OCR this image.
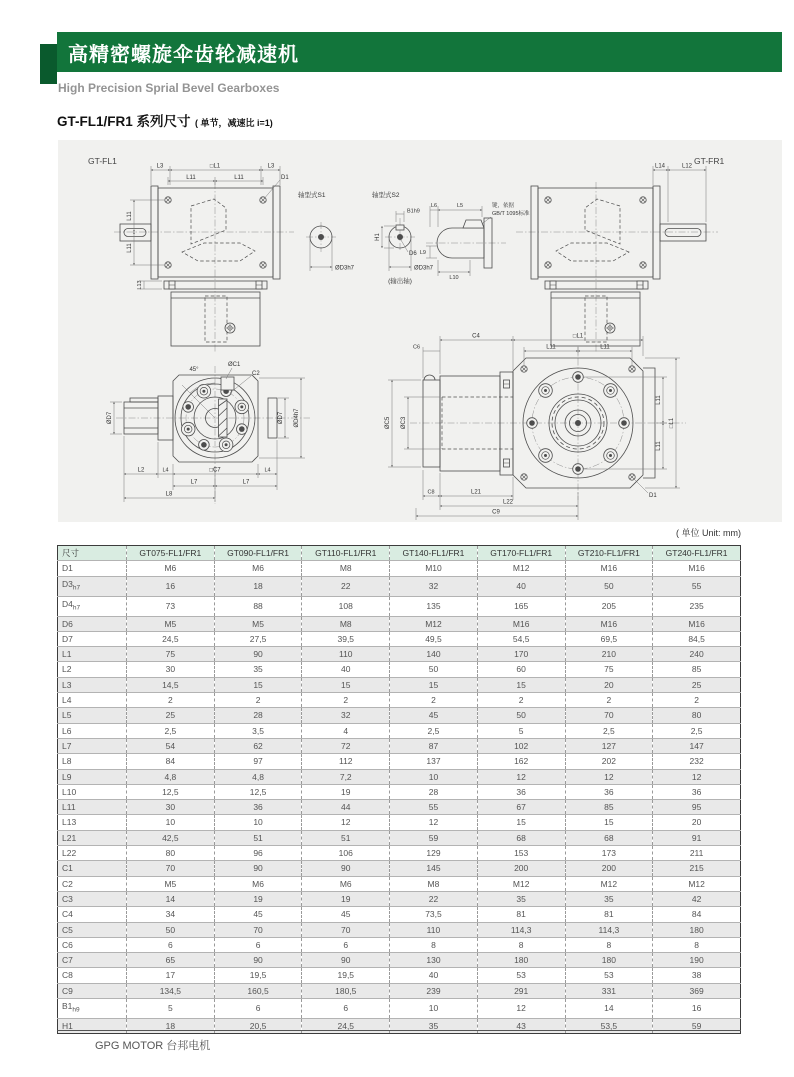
高精密螺旋伞齿轮减速机
High Precision Sprial Bevel Gearboxes
GT-FL1/FR1 系列尺寸 ( 单节，减速比 i=1)
GT-FL1
L3	□L1	L3
L11	L11	D1
L11
L11
L13
GT-FR1
L14	L12
轴型式S1
ØD3h7
轴型式S2
B1h9
H1
D6
ØD3h7
(输出轴)
L6	L5	键，依据
GB/T 1095标准
L9
L10
45°
ØC1
C2
ØD7	ØD7 ØD4h7
L2	L4	□C7	L4
L7	L7
L8
C4	□L1
C6	L11	L11
ØC5 ØC3
L11
L11
□L1
D1
C8	L21
L22
C9
( 单位 Unit: mm)
尺寸	GT075-FL1/FR1	GT090-FL1/FR1	GT110-FL1/FR1	GT140-FL1/FR1	GT170-FL1/FR1	GT210-FL1/FR1	GT240-FL1/FR1
D1	M6	M6	M8	M10	M12	M16	M16
$D3_{h7}$	16	18	22	32	40	50	55
$D4_{h7}$	73	88	108	135	165	205	235
D6	M5	M5	M8	M12	M16	M16	M16
D7	24,5	27,5	39,5	49,5	54,5	69,5	84,5
L1	75	90	110	140	170	210	240
L2	30	35	40	50	60	75	85
L3	14,5	15	15	15	15	20	25
L4	2	2	2	2	2	2	2
L5	25	28	32	45	50	70	80
L6	2,5	3,5	4	2,5	5	2,5	2,5
L7	54	62	72	87	102	127	147
L8	84	97	112	137	162	202	232
L9	4,8	4,8	7,2	10	12	12	12
L10	12,5	12,5	19	28	36	36	36
L11	30	36	44	55	67	85	95
L13	10	10	12	12	15	15	20
L21	42,5	51	51	59	68	68	91
L22	80	96	106	129	153	173	211
C1	70	90	90	145	200	200	215
C2	M5	M6	M6	M8	M12	M12	M12
C3	14	19	19	22	35	35	42
C4	34	45	45	73,5	81	81	84
C5	50	70	70	110	114,3	114,3	180
C6	6	6	6	8	8	8	8
C7	65	90	90	130	180	180	190
C8	17	19,5	19,5	40	53	53	38
C9	134,5	160,5	180,5	239	291	331	369
$B1_{h9}$	5	6	6	10	12	14	16
H1	18	20,5	24,5	35	43	53,5	59
GPG MOTOR 台邦电机
